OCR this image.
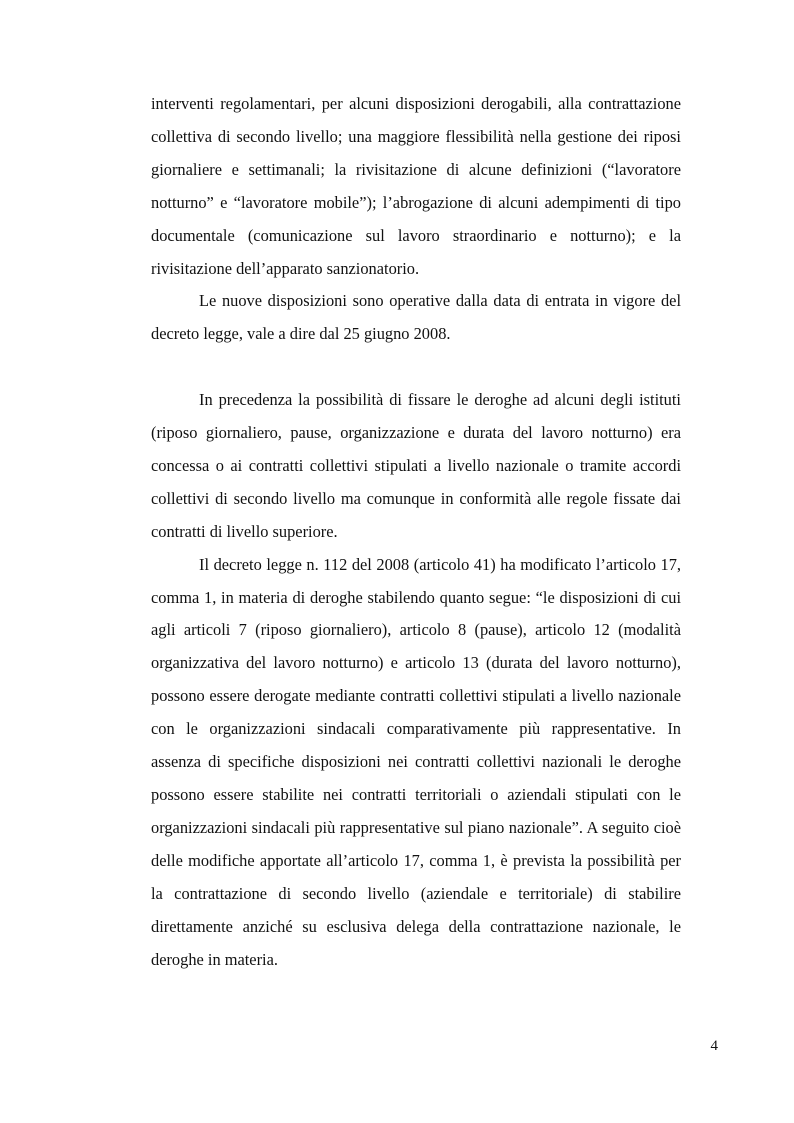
interventi regolamentari, per alcuni disposizioni derogabili, alla contrattazione collettiva di secondo livello; una maggiore flessibilità nella gestione dei riposi giornaliere e settimanali; la rivisitazione di alcune definizioni (“lavoratore notturno” e “lavoratore mobile”); l’abrogazione di alcuni adempimenti di tipo documentale (comunicazione sul lavoro straordinario e notturno); e la rivisitazione dell’apparato sanzionatorio.

Le nuove disposizioni sono operative dalla data di entrata in vigore del decreto legge, vale a dire dal 25 giugno 2008.

In precedenza la possibilità di fissare le deroghe ad alcuni degli istituti (riposo giornaliero, pause, organizzazione e durata del lavoro notturno) era concessa o ai contratti collettivi stipulati a livello nazionale o tramite accordi collettivi di secondo livello ma comunque in conformità alle regole fissate dai contratti di livello superiore.

Il decreto legge n. 112 del 2008 (articolo 41) ha modificato l’articolo 17, comma 1, in materia di deroghe stabilendo quanto segue: “le disposizioni di cui agli articoli 7 (riposo giornaliero), articolo 8 (pause), articolo 12 (modalità organizzativa del lavoro notturno) e articolo 13 (durata del lavoro notturno), possono essere derogate mediante contratti collettivi stipulati a livello nazionale con le organizzazioni sindacali comparativamente più rappresentative. In assenza di specifiche disposizioni nei contratti collettivi nazionali le deroghe possono essere stabilite nei contratti territoriali o aziendali stipulati con le organizzazioni sindacali più rappresentative sul piano nazionale”. A seguito cioè delle modifiche apportate all’articolo 17, comma 1, è prevista la possibilità per la contrattazione di secondo livello (aziendale e territoriale) di stabilire direttamente anziché su esclusiva delega della contrattazione nazionale, le deroghe in materia.

4
